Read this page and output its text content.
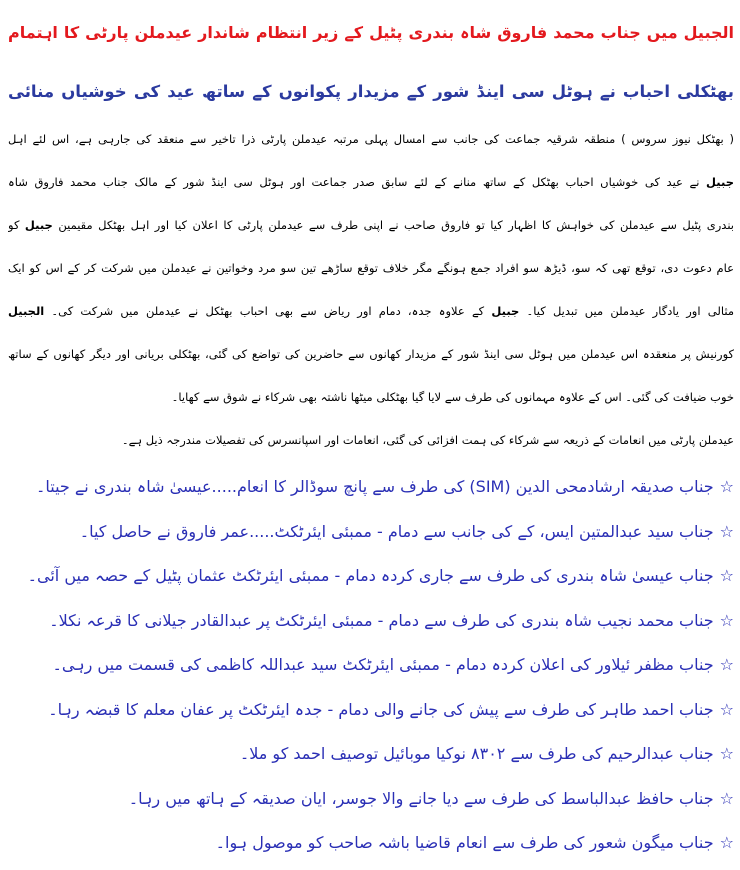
الجبیل میں جناب محمد فاروق شاہ بندری پٹیل کے زیر انتظام شاندار عیدملن پارٹی کا اہتمام
بھٹکلی احباب نے ہوٹل سی اینڈ شور کے مزیدار پکوانوں کے ساتھ عید کی خوشیاں منائی
( بھٹکل نیوز سروس ) منطقہ شرقیہ جماعت کی جانب سے امسال پہلی مرتبہ عیدملن پارٹی ذرا تاخیر سے منعقد کی جارہی ہے، اس لئے اہل
جبیل نے عید کی خوشیاں احباب بھٹکل کے ساتھ منانے کے لئے سابق صدر جماعت اور ہوٹل سی اینڈ شور کے مالک جناب محمد فاروق شاہ
بندری پٹیل سے عیدملن کی خواہش کا اظہار کیا تو فاروق صاحب نے اپنی طرف سے عیدملن پارٹی کا اعلان کیا اور اہل بھٹکل مقیمین جبیل کو
عام دعوت دی، توقع تھی کہ سو، ڈیڑھ سو افراد جمع ہونگے مگر خلاف توقع ساڑھے تین سو مرد وخواتین نے عیدملن میں شرکت کر کے اس کو ایک
مثالی اور یادگار عیدملن میں تبدیل کیا۔ جبیل کے علاوہ جدہ، دمام اور ریاض سے بھی احباب بھٹکل نے عیدملن میں شرکت کی۔ الجبیل
کورنیش پر منعقدہ اس عیدملن میں ہوٹل سی اینڈ شور کے مزیدار کھانوں سے حاضرین کی تواضع کی گئی، بھٹکلی بریانی اور دیگر کھانوں کے ساتھ
خوب ضیافت کی گئی۔ اس کے علاوہ مہمانوں کی طرف سے لایا گیا بھٹکلی میٹھا ناشتہ بھی شرکاء نے شوق سے کھایا۔
عیدملن پارٹی میں انعامات کے ذریعہ سے شرکاء کی ہمت افزائی کی گئی، انعامات اور اسپانسرس کی تفصیلات مندرجہ ذیل ہے۔
☆جناب صدیقہ ارشادمحی الدین (SIM) کی طرف سے پانچ سوڈالر کا انعام.....عیسیٰ شاہ بندری نے جیتا۔
☆جناب سید عبدالمتین ایس، کے کی جانب سے دمام - ممبئی ایئرٹکٹ.....عمر فاروق نے حاصل کیا۔
☆جناب عیسیٰ شاہ بندری کی طرف سے جاری کردہ دمام - ممبئی ایئرٹکٹ عثمان پٹیل کے حصہ میں آئی۔
☆جناب محمد نجیب شاہ بندری کی طرف سے دمام - ممبئی ایئرٹکٹ پر عبدالقادر جیلانی کا قرعہ نکلا۔
☆جناب مظفر ئیلاور کی اعلان کردہ دمام - ممبئی ایئرٹکٹ سید عبداللہ کاظمی کی قسمت میں رہی۔
☆جناب احمد طاہر کی طرف سے پیش کی جانے والی دمام - جدہ ایئرٹکٹ پر عفان معلم کا قبضہ رہا۔
☆جناب عبدالرحیم کی طرف سے ۸۳۰۲ نوکیا موبائیل توصیف احمد کو ملا۔
☆جناب حافظ عبدالباسط کی طرف سے دیا جانے والا جوسر، ایان صدیقہ کے ہاتھ میں رہا۔
☆جناب میگون شعور کی طرف سے انعام قاضیا باشہ صاحب کو موصول ہوا۔
